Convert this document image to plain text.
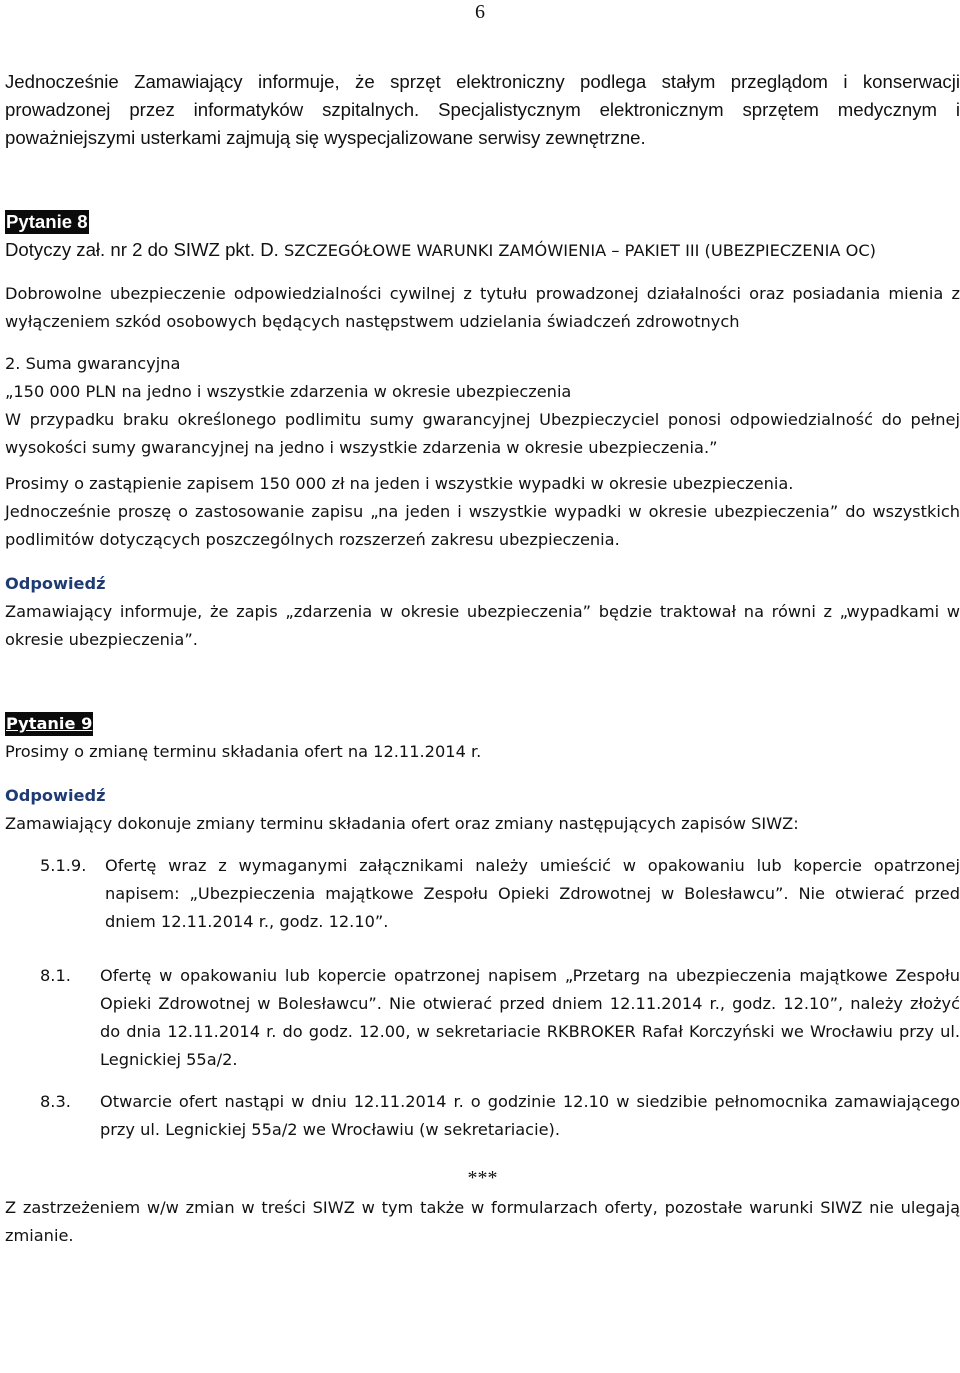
6

Jednocześnie Zamawiający informuje, że sprzęt elektroniczny podlega stałym przeglądom i konserwacji prowadzonej przez informatyków szpitalnych. Specjalistycznym elektronicznym sprzętem medycznym i poważniejszymi usterkami zajmują się wyspecjalizowane serwisy zewnętrzne.

Pytanie 8

Dotyczy zał. nr 2 do SIWZ pkt. D. SZCZEGÓŁOWE WARUNKI ZAMÓWIENIA – PAKIET III (UBEZPIECZENIA OC)

Dobrowolne ubezpieczenie odpowiedzialności cywilnej z tytułu prowadzonej działalności oraz posiadania mienia z wyłączeniem szkód osobowych będących następstwem udzielania świadczeń zdrowotnych

2. Suma gwarancyjna

„150 000 PLN na jedno i wszystkie zdarzenia w okresie ubezpieczenia

W przypadku braku określonego podlimitu sumy gwarancyjnej Ubezpieczyciel ponosi odpowiedzialność do pełnej wysokości sumy gwarancyjnej na jedno i wszystkie zdarzenia w okresie ubezpieczenia.”

Prosimy o zastąpienie zapisem 150 000 zł na jeden i wszystkie wypadki w okresie ubezpieczenia.

Jednocześnie proszę o zastosowanie zapisu „na jeden i wszystkie wypadki w okresie ubezpieczenia” do wszystkich podlimitów dotyczących poszczególnych rozszerzeń zakresu ubezpieczenia.

Odpowiedź

Zamawiający informuje, że zapis „zdarzenia w okresie ubezpieczenia” będzie traktował na równi z „wypadkami w okresie ubezpieczenia”.

Pytanie 9

Prosimy o zmianę terminu składania ofert na 12.11.2014 r.

Odpowiedź

Zamawiający dokonuje zmiany terminu składania ofert oraz zmiany następujących zapisów SIWZ:

5.1.9. Ofertę wraz z wymaganymi załącznikami należy umieścić w opakowaniu lub kopercie opatrzonej napisem: „Ubezpieczenia majątkowe Zespołu Opieki Zdrowotnej w Bolesławcu”. Nie otwierać przed dniem 12.11.2014 r., godz. 12.10”.
8.1. Ofertę w opakowaniu lub kopercie opatrzonej napisem „Przetarg na ubezpieczenia majątkowe Zespołu Opieki Zdrowotnej w Bolesławcu”. Nie otwierać przed dniem 12.11.2014 r., godz. 12.10”, należy złożyć do dnia 12.11.2014 r. do godz. 12.00, w sekretariacie RKBROKER Rafał Korczyński we Wrocławiu przy ul. Legnickiej 55a/2.
8.3. Otwarcie ofert nastąpi w dniu 12.11.2014 r. o godzinie 12.10 w siedzibie pełnomocnika zamawiającego przy ul. Legnickiej 55a/2 we Wrocławiu (w sekretariacie).

***

Z zastrzeżeniem w/w zmian w treści SIWZ w tym także w formularzach oferty, pozostałe warunki SIWZ nie ulegają zmianie.
